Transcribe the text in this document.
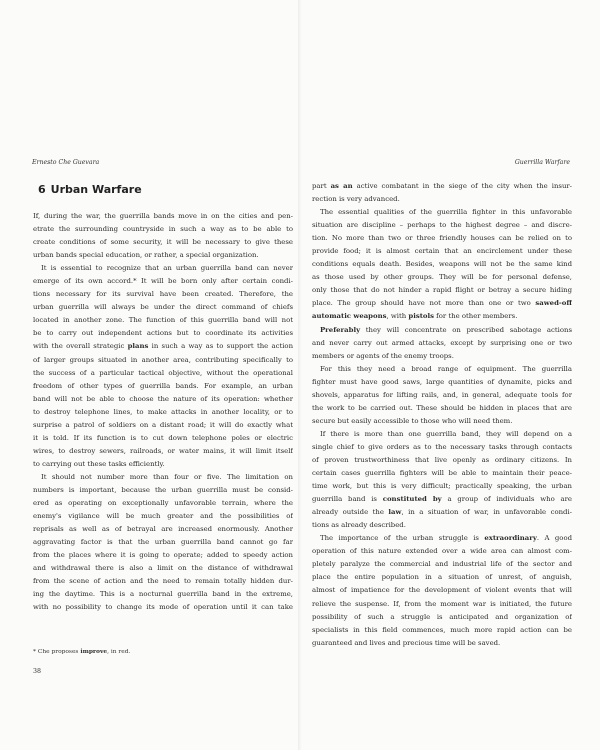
Ernesto Che Guevara
6 Urban Warfare
If, during the war, the guerrilla bands move in on the cities and pen-
etrate the surrounding countryside in such a way as to be able to
create conditions of some security, it will be necessary to give these
urban bands special education, or rather, a special organization.
It is essential to recognize that an urban guerrilla band can never
emerge of its own accord.* It will be born only after certain condi-
tions necessary for its survival have been created. Therefore, the
urban guerrilla will always be under the direct command of chiefs
located in another zone. The function of this guerrilla band will not
be to carry out independent actions but to coordinate its activities
with the overall strategic plans in such a way as to support the action
of larger groups situated in another area, contributing specifically to
the success of a particular tactical objective, without the operational
freedom of other types of guerrilla bands. For example, an urban
band will not be able to choose the nature of its operation: whether
to destroy telephone lines, to make attacks in another locality, or to
surprise a patrol of soldiers on a distant road; it will do exactly what
it is told. If its function is to cut down telephone poles or electric
wires, to destroy sewers, railroads, or water mains, it will limit itself
to carrying out these tasks efficiently.
It should not number more than four or five. The limitation on
numbers is important, because the urban guerrilla must be consid-
ered as operating on exceptionally unfavorable terrain, where the
enemy's vigilance will be much greater and the possibilities of
reprisals as well as of betrayal are increased enormously. Another
aggravating factor is that the urban guerrilla band cannot go far
from the places where it is going to operate; added to speedy action
and withdrawal there is also a limit on the distance of withdrawal
from the scene of action and the need to remain totally hidden dur-
ing the daytime. This is a nocturnal guerrilla band in the extreme,
with no possibility to change its mode of operation until it can take
* Che proposes improve, in red.
38
Guerrilla Warfare
part as an active combatant in the siege of the city when the insur-
rection is very advanced.
The essential qualities of the guerrilla fighter in this unfavorable
situation are discipline – perhaps to the highest degree – and discre-
tion. No more than two or three friendly houses can be relied on to
provide food; it is almost certain that an encirclement under these
conditions equals death. Besides, weapons will not be the same kind
as those used by other groups. They will be for personal defense,
only those that do not hinder a rapid flight or betray a secure hiding
place. The group should have not more than one or two sawed-off
automatic weapons, with pistols for the other members.
Preferably they will concentrate on prescribed sabotage actions
and never carry out armed attacks, except by surprising one or two
members or agents of the enemy troops.
For this they need a broad range of equipment. The guerrilla
fighter must have good saws, large quantities of dynamite, picks and
shovels, apparatus for lifting rails, and, in general, adequate tools for
the work to be carried out. These should be hidden in places that are
secure but easily accessible to those who will need them.
If there is more than one guerrilla band, they will depend on a
single chief to give orders as to the necessary tasks through contacts
of proven trustworthiness that live openly as ordinary citizens. In
certain cases guerrilla fighters will be able to maintain their peace-
time work, but this is very difficult; practically speaking, the urban
guerrilla band is constituted by a group of individuals who are
already outside the law, in a situation of war, in unfavorable condi-
tions as already described.
The importance of the urban struggle is extraordinary. A good
operation of this nature extended over a wide area can almost com-
pletely paralyze the commercial and industrial life of the sector and
place the entire population in a situation of unrest, of anguish,
almost of impatience for the development of violent events that will
relieve the suspense. If, from the moment war is initiated, the future
possibility of such a struggle is anticipated and organization of
specialists in this field commences, much more rapid action can be
guaranteed and lives and precious time will be saved.
